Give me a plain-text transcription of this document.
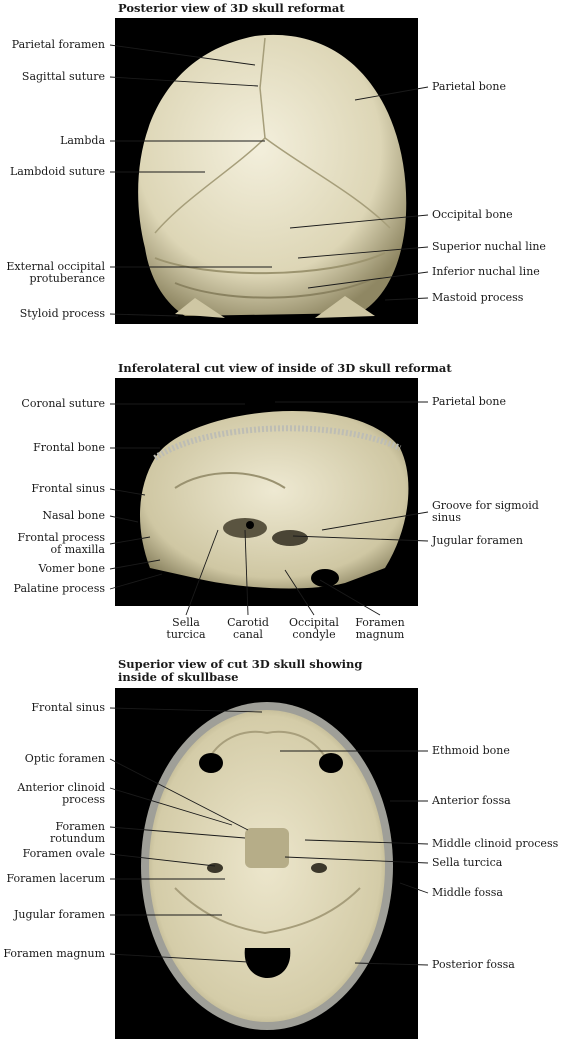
Posterior view of 3D skull reformat
Parietal foramen
Sagittal suture
Lambda
Lambdoid suture
External occipital
protuberance
Styloid process
Parietal bone
Occipital bone
Superior nuchal line
Inferior nuchal line
Mastoid process
Inferolateral cut view of inside of 3D skull reformat
Coronal suture
Frontal bone
Frontal sinus
Nasal bone
Frontal process
of maxilla
Vomer bone
Palatine process
Parietal bone
Groove for sigmoid
sinus
Jugular foramen
Sella
turcica
Carotid
canal
Occipital
condyle
Foramen
magnum
Superior view of cut 3D skull showing
inside of skullbase
Frontal sinus
Optic foramen
Anterior clinoid
process
Foramen rotundum
Foramen ovale
Foramen lacerum
Jugular foramen
Foramen magnum
Ethmoid bone
Anterior fossa
Middle clinoid process
Sella turcica
Middle fossa
Posterior fossa
